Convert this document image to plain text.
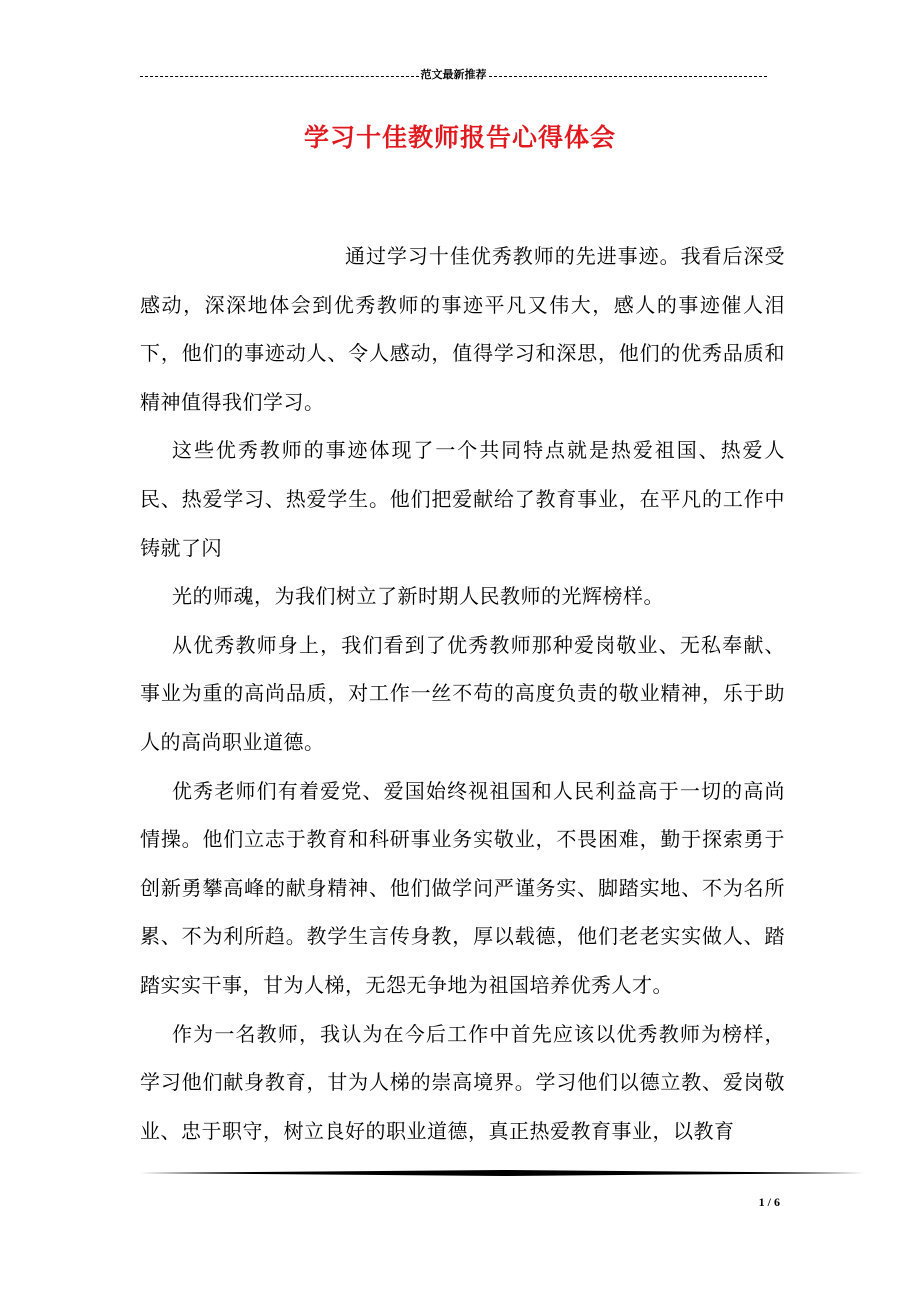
范文最新推荐
学习十佳教师报告心得体会

通过学习十佳优秀教师的先进事迹。我看后深受感动，深深地体会到优秀教师的事迹平凡又伟大，感人的事迹催人泪下，他们的事迹动人、令人感动，值得学习和深思，他们的优秀品质和精神值得我们学习。

这些优秀教师的事迹体现了一个共同特点就是热爱祖国、热爱人民、热爱学习、热爱学生。他们把爱献给了教育事业，在平凡的工作中铸就了闪

光的师魂，为我们树立了新时期人民教师的光辉榜样。

从优秀教师身上，我们看到了优秀教师那种爱岗敬业、无私奉献、事业为重的高尚品质，对工作一丝不苟的高度负责的敬业精神，乐于助人的高尚职业道德。

优秀老师们有着爱党、爱国始终视祖国和人民利益高于一切的高尚情操。他们立志于教育和科研事业务实敬业，不畏困难，勤于探索勇于创新勇攀高峰的献身精神、他们做学问严谨务实、脚踏实地、不为名所累、不为利所趋。教学生言传身教，厚以载德，他们老老实实做人、踏踏实实干事，甘为人梯，无怨无争地为祖国培养优秀人才。

作为一名教师，我认为在今后工作中首先应该以优秀教师为榜样，学习他们献身教育，甘为人梯的崇高境界。学习他们以德立教、爱岗敬业、忠于职守，树立良好的职业道德，真正热爱教育事业，以教育

1 / 6
